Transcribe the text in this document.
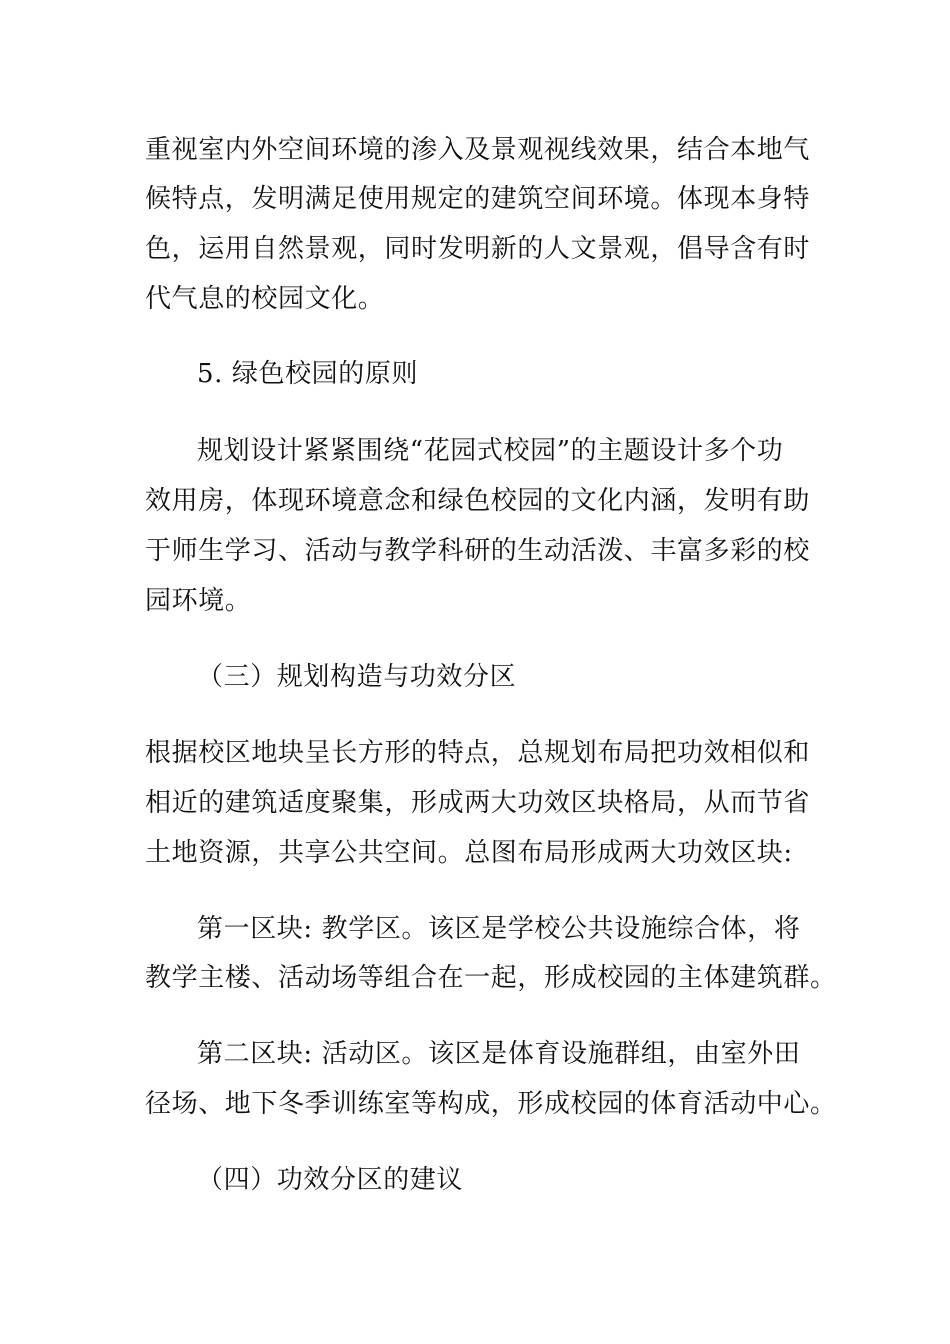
重视室内外空间环境的渗入及景观视线效果，结合本地气
候特点，发明满足使用规定的建筑空间环境。体现本身特
色，运用自然景观，同时发明新的人文景观，倡导含有时
代气息的校园文化。
5. 绿色校园的原则
规划设计紧紧围绕“花园式校园”的主题设计多个功
效用房，体现环境意念和绿色校园的文化内涵，发明有助
于师生学习、活动与教学科研的生动活泼、丰富多彩的校
园环境。
（三）规划构造与功效分区
根据校区地块呈长方形的特点，总规划布局把功效相似和
相近的建筑适度聚集，形成两大功效区块格局，从而节省
土地资源，共享公共空间。总图布局形成两大功效区块:
第一区块: 教学区。该区是学校公共设施综合体，将
教学主楼、活动场等组合在一起，形成校园的主体建筑群。
第二区块: 活动区。该区是体育设施群组，由室外田
径场、地下冬季训练室等构成，形成校园的体育活动中心。
（四）功效分区的建议
